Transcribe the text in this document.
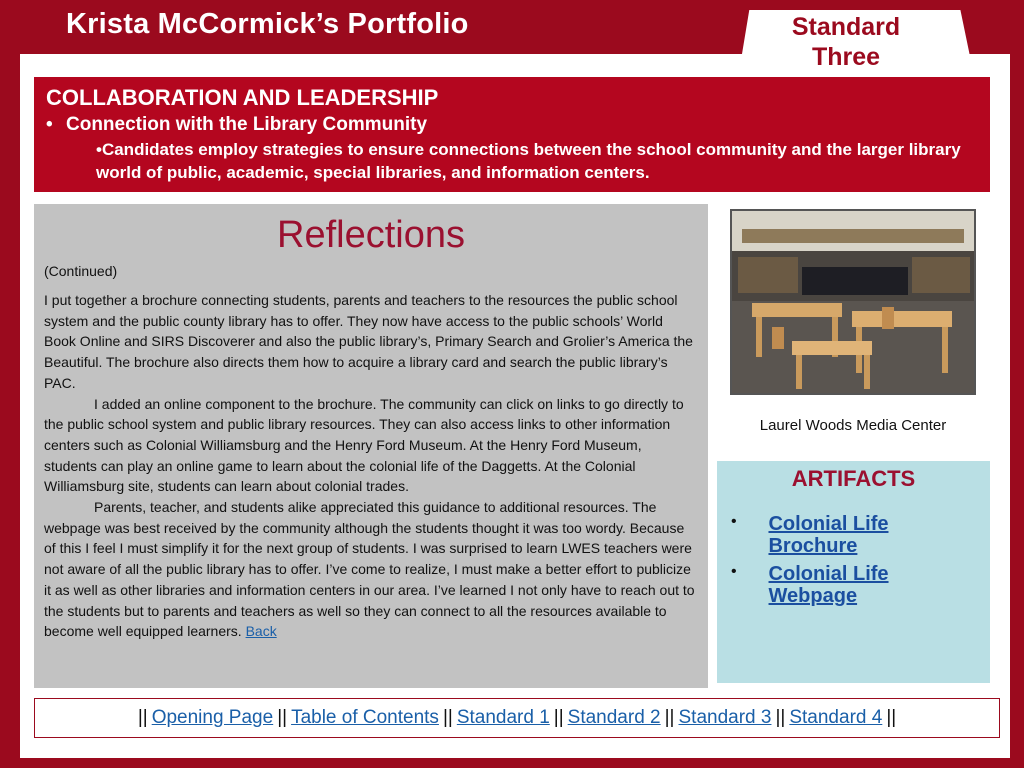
Krista McCormick’s Portfolio	Standard Three
COLLABORATION AND LEADERSHIP
• Connection with the Library Community
•Candidates employ strategies to ensure connections between the school community and the larger library world of public, academic, special libraries, and information centers.
Reflections
(Continued)

I put together a brochure connecting students, parents and teachers to the resources the public school system and the public county library has to offer. They now have access to the public schools’ World Book Online and SIRS Discoverer and also the public library’s, Primary Search and Grolier’s America the Beautiful. The brochure also directs them how to acquire a library card and search the public library’s PAC.
I added an online component to the brochure. The community can click on links to go directly to the public school system and public library resources. They can also access links to other information centers such as Colonial Williamsburg and the Henry Ford Museum. At the Henry Ford Museum, students can play an online game to learn about the colonial life of the Daggetts. At the Colonial Williamsburg site, students can learn about colonial trades.
Parents, teacher, and students alike appreciated this guidance to additional resources. The webpage was best received by the community although the students thought it was too wordy. Because of this I feel I must simplify it for the next group of students. I was surprised to learn LWES teachers were not aware of all the public library has to offer. I’ve come to realize, I must make a better effort to publicize it as well as other libraries and information centers in our area. I’ve learned I not only have to reach out to the students but to parents and teachers as well so they can connect to all the resources available to become well equipped learners. Back

Laurel Woods Media Center
ARTIFACTS
•	Colonial Life Brochure
•	Colonial Life Webpage
|| Opening Page || Table of Contents || Standard 1 || Standard 2 || Standard 3 || Standard 4 ||
